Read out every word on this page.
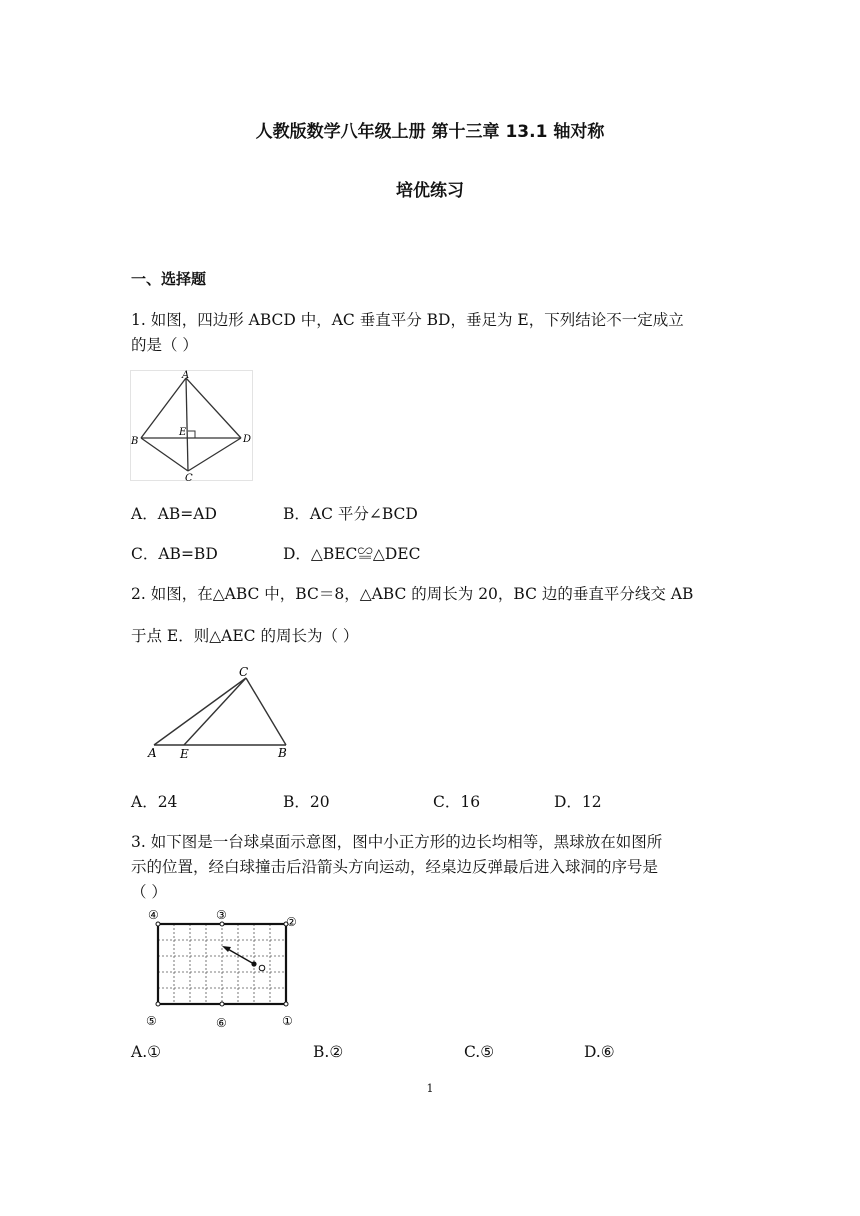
人教版数学八年级上册 第十三章 13.1 轴对称
培优练习
一、选择题
1. 如图，四边形 ABCD 中，AC 垂直平分 BD，垂足为 E，下列结论不一定成立
的是（ ）
A
B
C
D
E
A．AB=AD	B．AC 平分∠BCD
C．AB=BD	D．△BEC≌△DEC
2. 如图，在△ABC 中，BC＝8，△ABC 的周长为 20，BC 边的垂直平分线交 AB
于点 E．则△AEC 的周长为（ ）
C
A E	B
A．24	B．20	C．16	D．12
3. 如下图是一台球桌面示意图，图中小正方形的边长均相等，黑球放在如图所
示的位置，经白球撞击后沿箭头方向运动，经桌边反弹最后进入球洞的序号是
（ ）
④	③	②
⑤	⑥	①
A.①	B.②	C.⑤	D.⑥
1
